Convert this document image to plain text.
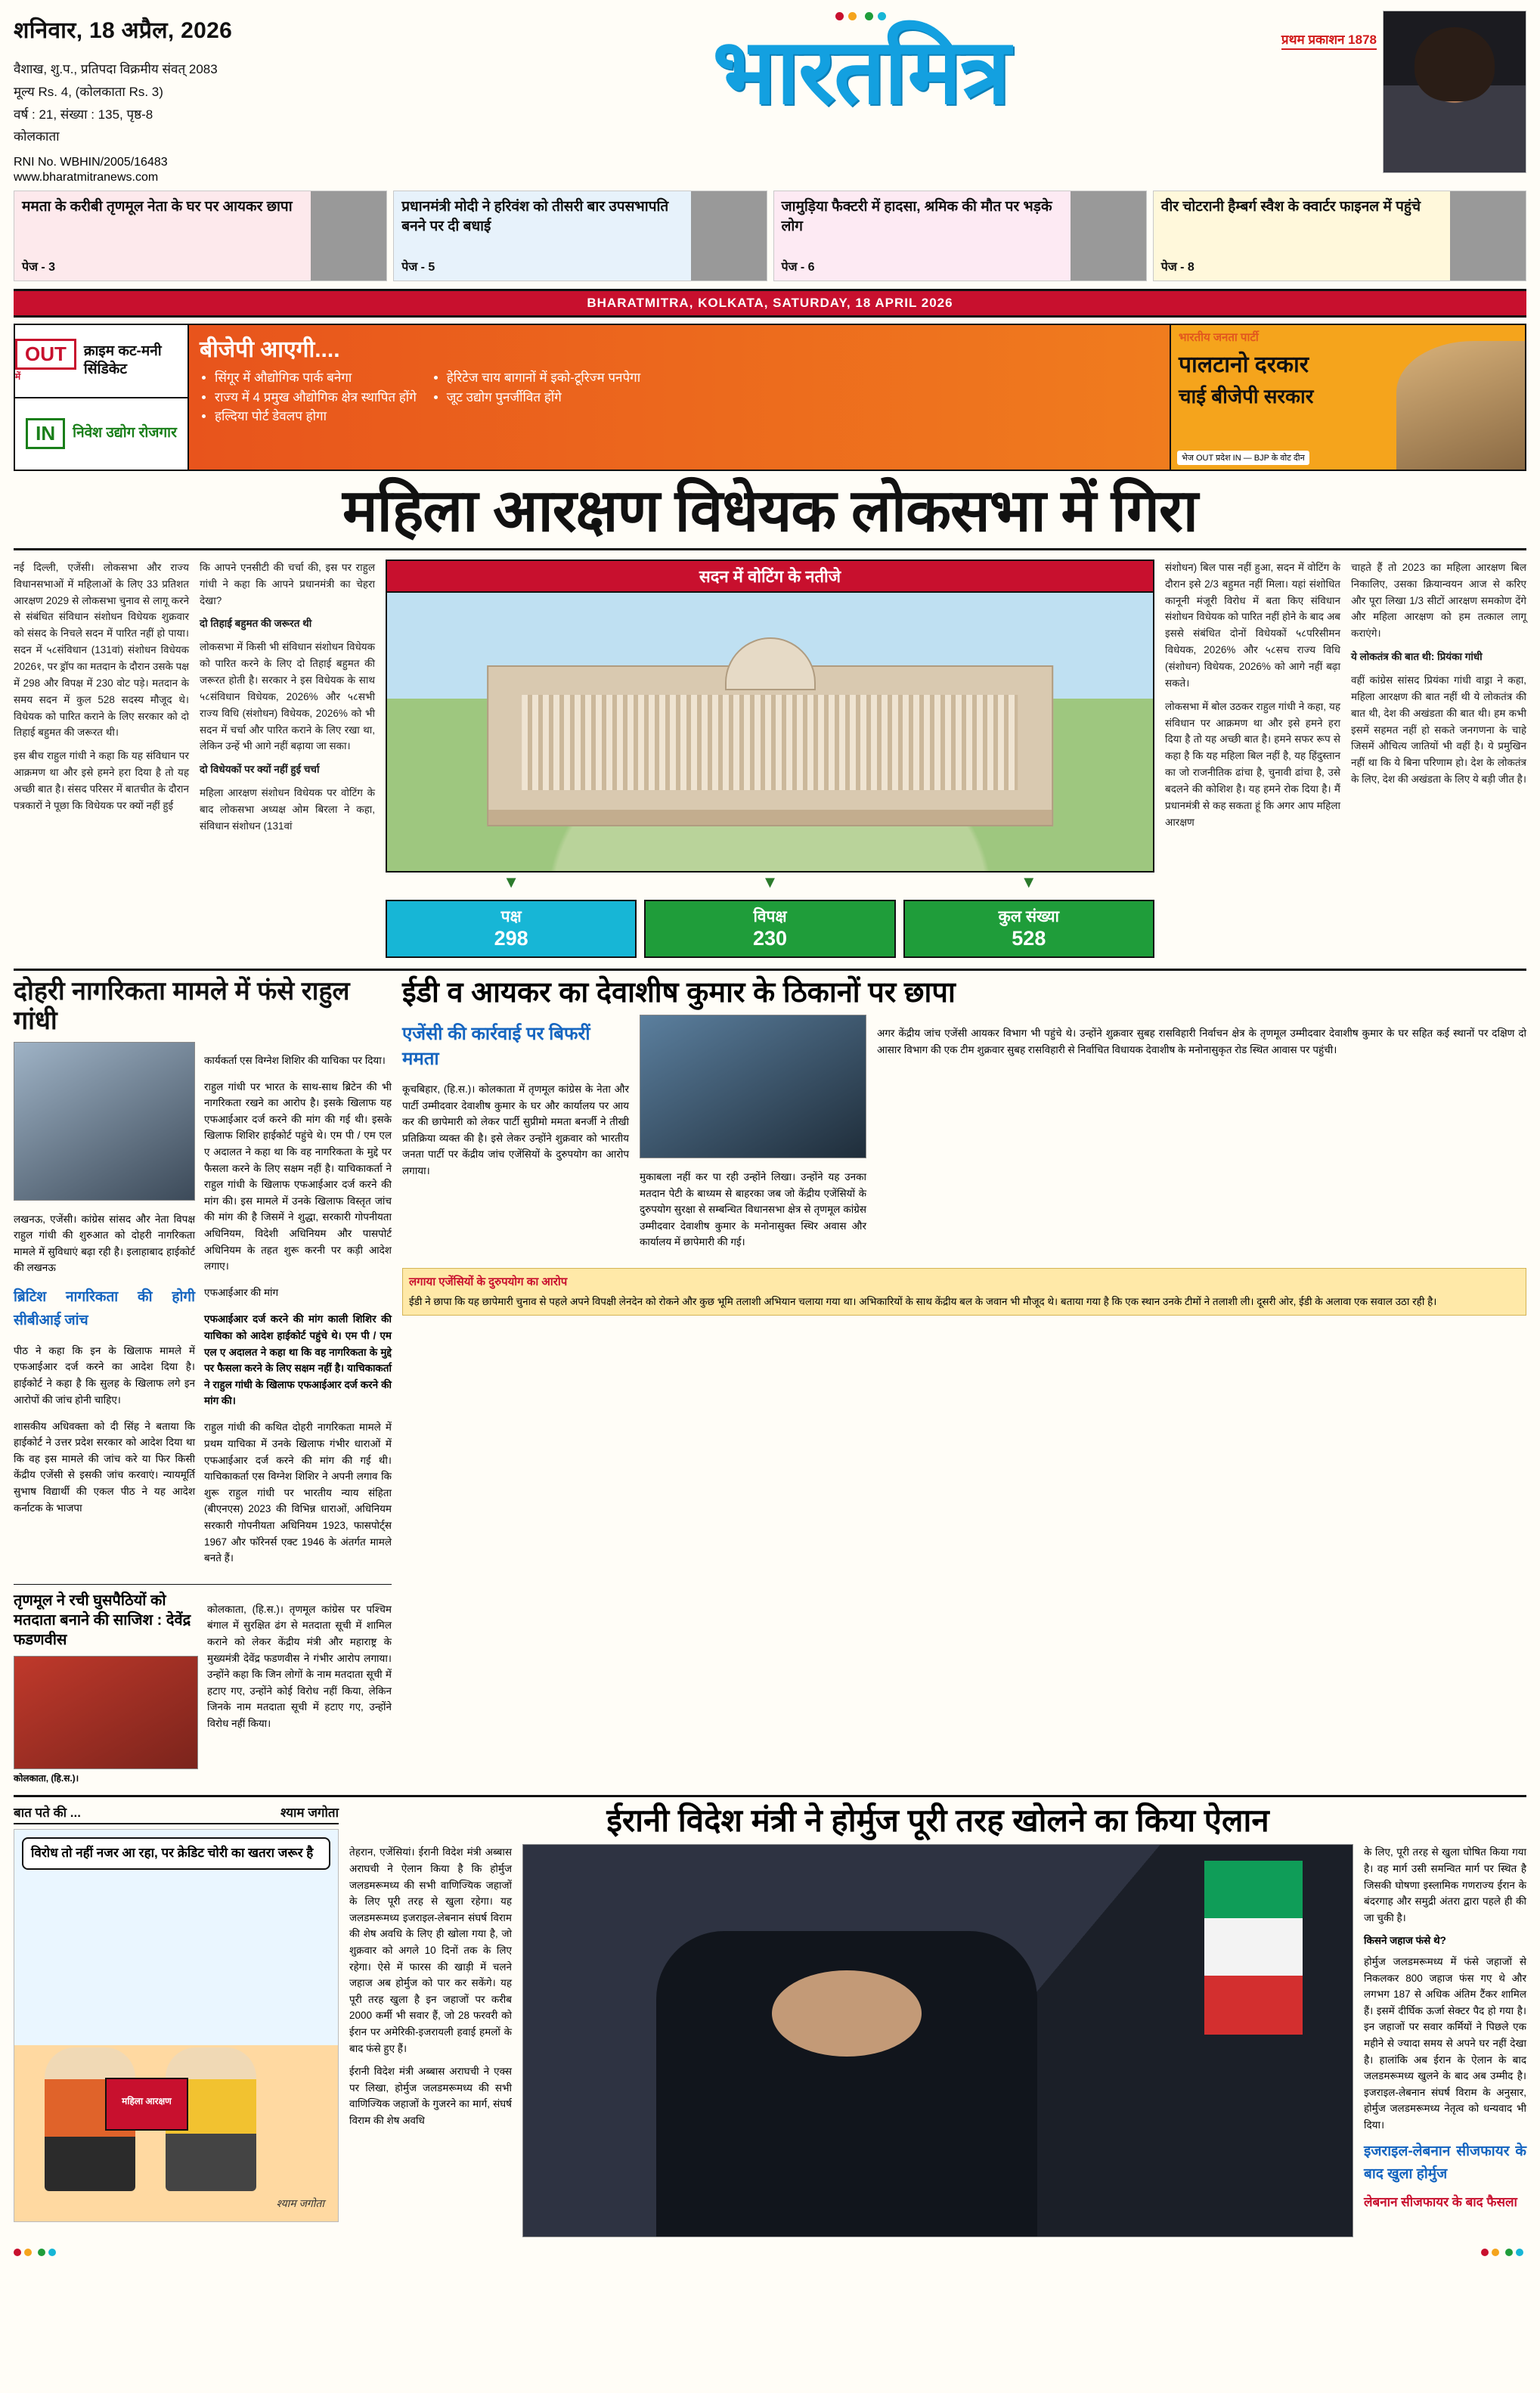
शनिवार, 18 अप्रैल, 2026
वैशाख, शु.प., प्रतिपदा विक्रमीय संवत् 2083
मूल्य Rs. 4, (कोलकाता Rs. 3)
वर्ष : 21, संख्या : 135, पृष्ठ-8
कोलकाता
RNI No. WBHIN/2005/16483
www.bharatmitranews.com

भारतमित्र	प्रथम प्रकाशन 1878
ममता के करीबी तृणमूल नेता के घर पर आयकर छापा
पेज - 3
प्रधानमंत्री मोदी ने हरिवंश को तीसरी बार उपसभापति बनने पर दी बधाई
पेज - 5
जामुड़िया फैक्टरी में हादसा, श्रमिक की मौत पर भड़के लोग
पेज - 6
वीर चोटरानी हैम्बर्ग स्वैश के क्वार्टर फाइनल में पहुंचे
पेज - 8
BHARATMITRA, KOLKATA, SATURDAY, 18 APRIL 2026
OUT
में
क्राइम कट-मनी सिंडिकेट
IN	निवेश उद्योग रोजगार
बीजेपी आएगी....
• सिंगूर में औद्योगिक पार्क बनेगा
• राज्य में 4 प्रमुख औद्योगिक क्षेत्र स्थापित होंगे
• हल्दिया पोर्ट डेवलप होगा
• हेरिटेज चाय बागानों में इको-टूरिज्म पनपेगा
• जूट उद्योग पुनर्जीवित होंगे
भारतीय जनता पार्टी
पालटानो दरकार
चाई बीजेपी सरकार
भेज OUT प्रदेश IN — BJP के वोट दीन
महिला आरक्षण विधेयक लोकसभा में गिरा

नई दिल्ली, एजेंसी। लोकसभा और राज्य विधानसभाओं में महिलाओं के लिए 33 प्रतिशत आरक्षण 2029 से लोकसभा चुनाव से लागू करने से संबंधित संविधान संशोधन विधेयक शुक्रवार को संसद के निचले सदन में पारित नहीं हो पाया। सदन में ५८संविधान (131वां) संशोधन विधेयक 2026१, पर ड्रॉप का मतदान के दौरान उसके पक्ष में 298 और विपक्ष में 230 वोट पड़े। मतदान के समय सदन में कुल 528 सदस्य मौजूद थे। विधेयक को पारित कराने के लिए सरकार को दो तिहाई बहुमत की जरूरत थी।

इस बीच राहुल गांधी ने कहा कि यह संविधान पर आक्रमण था और इसे हमने हरा दिया है तो यह अच्छी बात है। संसद परिसर में बातचीत के दौरान पत्रकारों ने पूछा कि विधेयक पर क्यों नहीं हुई

कि आपने एनसीटी की चर्चा की, इस पर राहुल गांधी ने कहा कि आपने प्रधानमंत्री का चेहरा देखा?

दो तिहाई बहुमत की जरूरत थी

लोकसभा में किसी भी संविधान संशोधन विधेयक को पारित करने के लिए दो तिहाई बहुमत की जरूरत होती है। सरकार ने इस विधेयक के साथ ५८संविधान विधेयक, 2026% और ५८सभी राज्य विधि (संशोधन) विधेयक, 2026% को भी सदन में चर्चा और पारित कराने के लिए रखा था, लेकिन उन्हें भी आगे नहीं बढ़ाया जा सका।

दो विधेयकों पर क्यों नहीं हुई चर्चा

महिला आरक्षण संशोधन विधेयक पर वोटिंग के बाद लोकसभा अध्यक्ष ओम बिरला ने कहा, संविधान संशोधन (131वां

सदन में वोटिंग के नतीजे
▼	▼	▼
पक्ष
298
विपक्ष
230
कुल संख्या
528

संशोधन) बिल पास नहीं हुआ, सदन में वोटिंग के दौरान इसे 2/3 बहुमत नहीं मिला। यहां संशोधित कानूनी मंजूरी विरोध में बता किए संविधान संशोधन विधेयक को पारित नहीं होने के बाद अब इससे संबंधित दोनों विधेयकों ५८परिसीमन विधेयक, 2026% और ५८सच राज्य विधि (संशोधन) विधेयक, 2026% को आगे नहीं बढ़ा सकते।

लोकसभा में बोल उठकर राहुल गांधी ने कहा, यह संविधान पर आक्रमण था और इसे हमने हरा दिया है तो यह अच्छी बात है। हमने सफर रूप से कहा है कि यह महिला बिल नहीं है, यह हिंदुस्तान का जो राजनीतिक ढांचा है, चुनावी ढांचा है, उसे बदलने की कोशिश है। यह हमने रोक दिया है। मैं प्रधानमंत्री से कह सकता हूं कि अगर आप महिला आरक्षण

चाहते हैं तो 2023 का महिला आरक्षण बिल निकालिए, उसका क्रियान्वयन आज से करिए और पूरा लिखा 1/3 सीटों आरक्षण समकोण देंगे और महिला आरक्षण को हम तत्काल लागू कराएंगे।

ये लोकतंत्र की बात थी: प्रियंका गांधी

वहीं कांग्रेस सांसद प्रियंका गांधी वाड्रा ने कहा, महिला आरक्षण की बात नहीं थी ये लोकतंत्र की बात थी, देश की अखंडता की बात थी। हम कभी इसमें सहमत नहीं हो सकते जनगणना के चाहे जिसमें औचित्य जातियों भी वहीं है। ये प्रमुखिन नहीं था कि ये बिना परिणाम हो। देश के लोकतंत्र के लिए, देश की अखंडता के लिए ये बड़ी जीत है।

दोहरी नागरिकता मामले में फंसे राहुल गांधी

लखनऊ, एजेंसी। कांग्रेस सांसद और नेता विपक्ष राहुल गांधी की शुरुआत को दोहरी नागरिकता मामले में सुविधाएं बढ़ा रही है। इलाहाबाद हाईकोर्ट की लखनऊ

ब्रिटिश नागरिकता की होगी सीबीआई जांच

पीठ ने कहा कि इन के खिलाफ मामले में एफआईआर दर्ज करने का आदेश दिया है। हाईकोर्ट ने कहा है कि सुलह के खिलाफ लगे इन आरोपों की जांच होनी चाहिए।

शासकीय अधिवक्ता को दी सिंह ने बताया कि हाईकोर्ट ने उत्तर प्रदेश सरकार को आदेश दिया था कि वह इस मामले की जांच करे या फिर किसी केंद्रीय एजेंसी से इसकी जांच करवाएं। न्यायमूर्ति सुभाष विद्यार्थी की एकल पीठ ने यह आदेश कर्नाटक के भाजपा

कार्यकर्ता एस विग्नेश शिशिर की याचिका पर दिया।

राहुल गांधी पर भारत के साथ-साथ ब्रिटेन की भी नागरिकता रखने का आरोप है। इसके खिलाफ यह एफआईआर दर्ज करने की मांग की गई थी। इसके खिलाफ शिशिर हाईकोर्ट पहुंचे थे। एम पी / एम एल ए अदालत ने कहा था कि वह नागरिकता के मुद्दे पर फैसला करने के लिए सक्षम नहीं है। याचिकाकर्ता ने राहुल गांधी के खिलाफ एफआईआर दर्ज करने की मांग की। इस मामले में उनके खिलाफ विस्तृत जांच की मांग की है जिसमें ने शुद्धा, सरकारी गोपनीयता अधिनियम, विदेशी अधिनियम और पासपोर्ट अधिनियम के तहत शुरू करनी पर कड़ी आदेश लगाए।

एफआईआर की मांग

एफआईआर दर्ज करने की मांग काली शिशिर की याचिका को आदेश हाईकोर्ट पहुंचे थे। एम पी / एम एल ए अदालत ने कहा था कि वह नागरिकता के मुद्दे पर फैसला करने के लिए सक्षम नहीं है। याचिकाकर्ता ने राहुल गांधी के खिलाफ एफआईआर दर्ज करने की मांग की।

राहुल गांधी की कथित दोहरी नागरिकता मामले में प्रथम याचिका में उनके खिलाफ गंभीर धाराओं में एफआईआर दर्ज करने की मांग की गई थी। याचिकाकर्ता एस विग्नेश शिशिर ने अपनी लगाव कि शुरू राहुल गांधी पर भारतीय न्याय संहिता (बीएनएस) 2023 की विभिन्न धाराओं, अधिनियम सरकारी गोपनीयता अधिनियम 1923, फासपोर्ट्स 1967 और फॉरेनर्स एक्ट 1946 के अंतर्गत मामले बनते हैं।

तृणमूल ने रची घुसपैठियों को मतदाता बनाने की साजिश : देवेंद्र फडणवीस
कोलकाता, (हि.स.)।

कोलकाता, (हि.स.)। तृणमूल कांग्रेस पर पश्चिम बंगाल में सुरक्षित ढंग से मतदाता सूची में शामिल कराने को लेकर केंद्रीय मंत्री और महाराष्ट्र के मुख्यमंत्री देवेंद्र फडणवीस ने गंभीर आरोप लगाया। उन्होंने कहा कि जिन लोगों के नाम मतदाता सूची में हटाए गए, उन्होंने कोई विरोध नहीं किया, लेकिन जिनके नाम मतदाता सूची में हटाए गए, उन्होंने विरोध नहीं किया।

ईडी व आयकर का देवाशीष कुमार के ठिकानों पर छापा
एजेंसी की कार्रवाई पर बिफरीं ममता

कूचबिहार, (हि.स.)। कोलकाता में तृणमूल कांग्रेस के नेता और पार्टी उम्मीदवार देवाशीष कुमार के घर और कार्यालय पर आय कर की छापेमारी को लेकर पार्टी सुप्रीमो ममता बनर्जी ने तीखी प्रतिक्रिया व्यक्त की है। इसे लेकर उन्होंने शुक्रवार को भारतीय जनता पार्टी पर केंद्रीय जांच एजेंसियों के दुरुपयोग का आरोप लगाया।

मुकाबला नहीं कर पा रही उन्होंने लिखा। उन्होंने यह उनका मतदान पेटी के बाध्यम से बाहरका जब जो केंद्रीय एजेंसियों के दुरुपयोग सुरक्षा से सम्बन्धित विधानसभा क्षेत्र से तृणमूल कांग्रेस उम्मीदवार देवाशीष कुमार के मनोनासुक्त स्थिर अवास और कार्यालय में छापेमारी की गई।

अगर केंद्रीय जांच एजेंसी आयकर विभाग भी पहुंचे थे। उन्होंने शुक्रवार सुबह रासविहारी निर्वाचन क्षेत्र के तृणमूल उम्मीदवार देवाशीष कुमार के घर सहित कई स्थानों पर दक्षिण दो आसार विभाग की एक टीम शुक्रवार सुबह रासविहारी से निर्वाचित विधायक देवाशीष के मनोनासुकृत रोड स्थित आवास पर पहुंची।

लगाया एजेंसियों के दुरुपयोग का आरोप
ईडी ने छापा कि यह छापेमारी चुनाव से पहले अपने विपक्षी लेनदेन को रोकने और कुछ भूमि तलाशी अभियान चलाया गया था। अभिकारियों के साथ केंद्रीय बल के जवान भी मौजूद थे। बताया गया है कि एक स्थान उनके टीमों ने तलाशी ली। दूसरी ओर, ईडी के अलावा एक सवाल उठा रही है।
बात पते की ...	श्याम जगोता
विरोध तो नहीं नजर आ रहा, पर क्रेडिट चोरी का खतरा जरूर है
महिला आरक्षण
श्याम जगोता
ईरानी विदेश मंत्री ने होर्मुज पूरी तरह खोलने का किया ऐलान

तेहरान, एजेंसियां। ईरानी विदेश मंत्री अब्बास अराघची ने ऐलान किया है कि होर्मुज जलडमरूमध्य की सभी वाणिज्यिक जहाजों के लिए पूरी तरह से खुला रहेगा। यह जलडमरूमध्य इजराइल-लेबनान संघर्ष विराम की शेष अवधि के लिए ही खोला गया है, जो शुक्रवार को अगले 10 दिनों तक के लिए रहेगा। ऐसे में फारस की खाड़ी में चलने जहाज अब होर्मुज को पार कर सकेंगे। यह पूरी तरह खुला है इन जहाजों पर करीब 2000 कर्मी भी सवार हैं, जो 28 फरवरी को ईरान पर अमेरिकी-इजरायली हवाई हमलों के बाद फंसे हुए हैं।

ईरानी विदेश मंत्री अब्बास अराघची ने एक्स पर लिखा, होर्मुज जलडमरूमध्य की सभी वाणिज्यिक जहाजों के गुजरने का मार्ग, संघर्ष विराम की शेष अवधि

के लिए, पूरी तरह से खुला घोषित किया गया है। वह मार्ग उसी समन्वित मार्ग पर स्थित है जिसकी घोषणा इस्लामिक गणराज्य ईरान के बंदरगाह और समुद्री अंतरा द्वारा पहले ही की जा चुकी है।

किसने जहाज फंसे थे?

होर्मुज जलडमरूमध्य में फंसे जहाजों से निकलकर 800 जहाज फंस गए थे और लगभग 187 से अधिक अंतिम टैंकर शामिल हैं। इसमें दीर्घिक ऊर्जा सेक्टर पैद हो गया है। इन जहाजों पर सवार कर्मियों ने पिछले एक महीने से ज्यादा समय से अपने घर नहीं देखा है। हालांकि अब ईरान के ऐलान के बाद जलडमरूमध्य खुलने के बाद अब उम्मीद है। इजराइल-लेबनान संघर्ष विराम के अनुसार, होर्मुज जलडमरूमध्य नेतृत्व को धन्यवाद भी दिया।

इजराइल-लेबनान सीजफायर के बाद खुला होर्मुज
लेबनान सीजफायर के बाद फैसला
